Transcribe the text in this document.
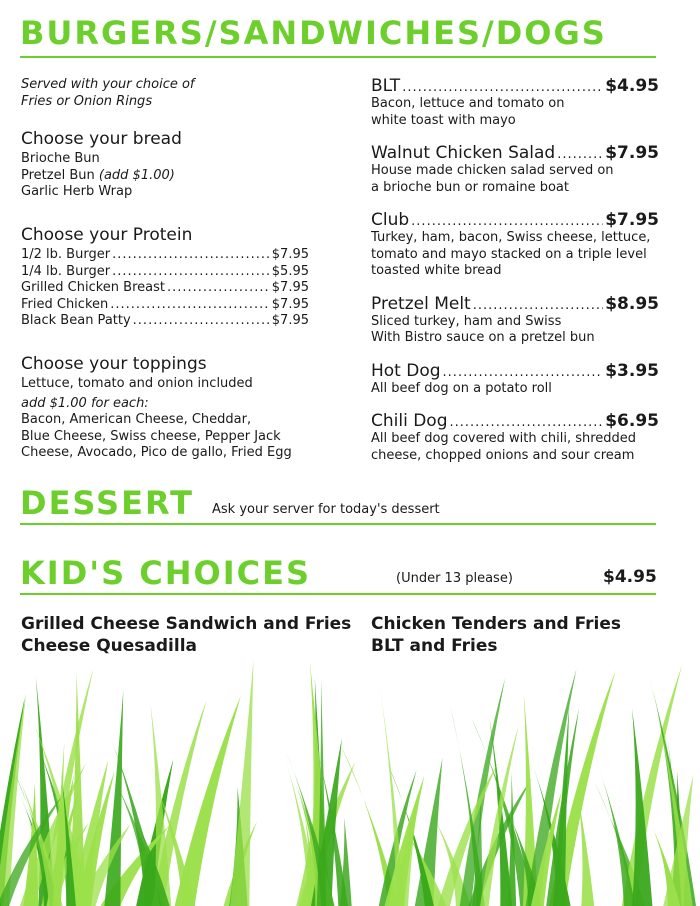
BURGERS/SANDWICHES/DOGS
Served with your choice of
Fries or Onion Rings
Choose your bread
Brioche Bun
Pretzel Bun (add $1.00)
Garlic Herb Wrap
Choose your Protein
1/2 lb. Burger .....	$7.95
1/4 lb. Burger .....	$5.95
Grilled Chicken Breast .....	$7.95
Fried Chicken .....	$7.95
Black Bean Patty .....	$7.95
Choose your toppings
Lettuce, tomato and onion included
add $1.00 for each:
Bacon, American Cheese, Cheddar,
Blue Cheese, Swiss cheese, Pepper Jack
Cheese, Avocado, Pico de gallo, Fried Egg
BLT .....	$4.95
Bacon, lettuce and tomato on
white toast with mayo
Walnut Chicken Salad .....	$7.95
House made chicken salad served on
a brioche bun or romaine boat
Club .....	$7.95
Turkey, ham, bacon, Swiss cheese, lettuce,
tomato and mayo stacked on a triple level
toasted white bread
Pretzel Melt .....	$8.95
Sliced turkey, ham and Swiss
With Bistro sauce on a pretzel bun
Hot Dog .....	$3.95
All beef dog on a potato roll
Chili Dog .....	$6.95
All beef dog covered with chili, shredded
cheese, chopped onions and sour cream
DESSERT Ask your server for today's dessert
KID'S CHOICES	(Under 13 please)	$4.95
Grilled Cheese Sandwich and Fries
Cheese Quesadilla
Chicken Tenders and Fries
BLT and Fries
